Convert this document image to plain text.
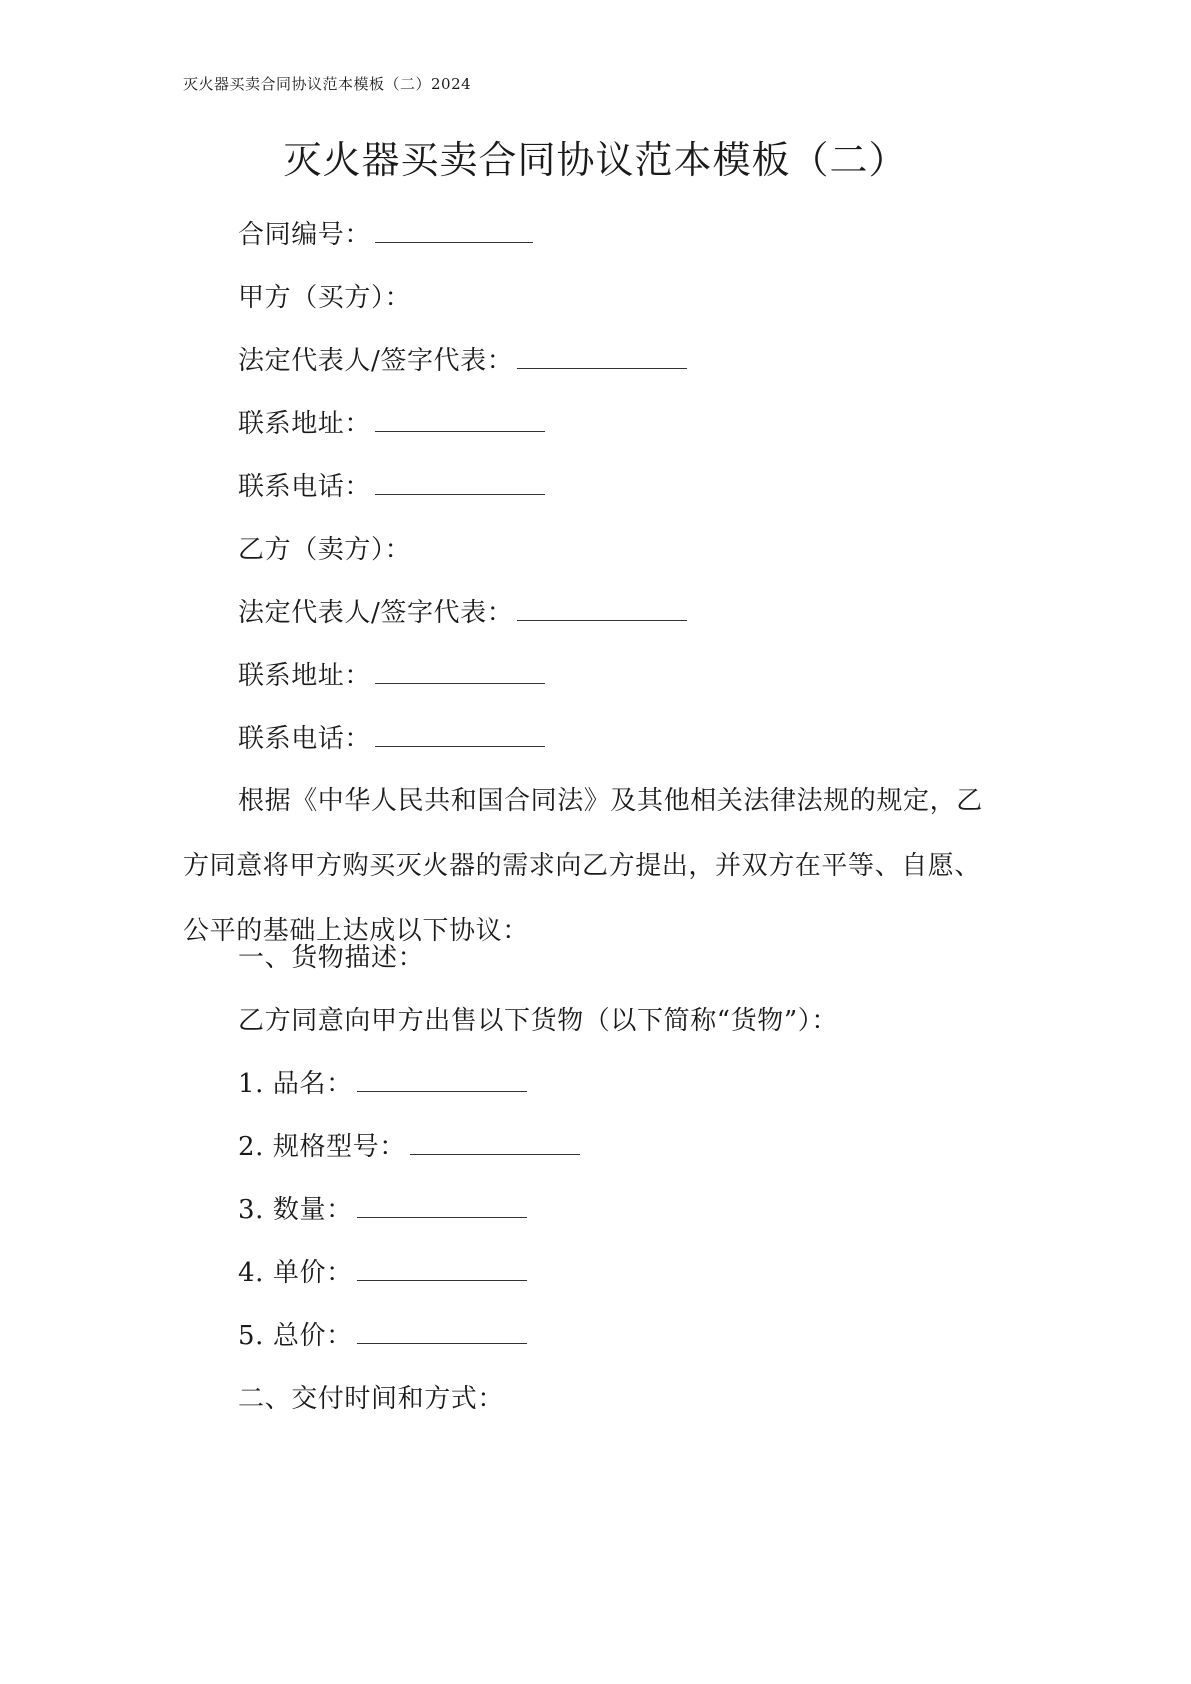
灭火器买卖合同协议范本模板（二）2024
灭火器买卖合同协议范本模板（二）
合同编号：
甲方（买方）：
法定代表人/签字代表：
联系地址：
联系电话：
乙方（卖方）：
法定代表人/签字代表：
联系地址：
联系电话：

根据《中华人民共和国合同法》及其他相关法律法规的规定，乙方同意将甲方购买灭火器的需求向乙方提出，并双方在平等、自愿、公平的基础上达成以下协议：

一、货物描述：
乙方同意向甲方出售以下货物（以下简称“货物”）：
1. 品名：
2. 规格型号：
3. 数量：
4. 单价：
5. 总价：
二、交付时间和方式：
